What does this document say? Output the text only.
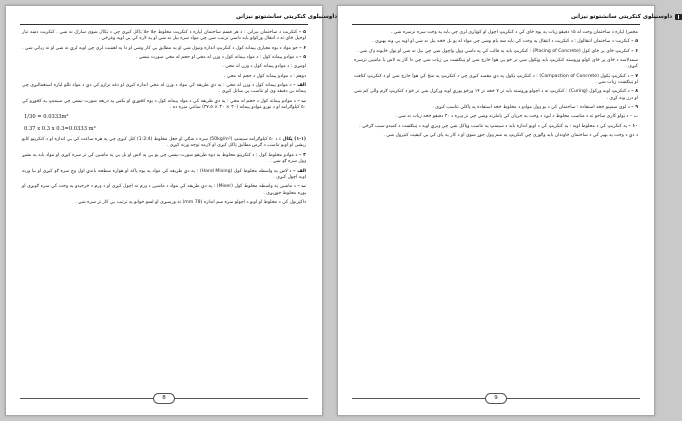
داوسنیلوی کنکریتی سانشتوتو نیزانن

۵ – کنکریت د ساختمان نیزانن : د هر قسم ساختمان لپاره د کنکریت مخلوط جلا جلا ټاکل کیږي چې د ټکال شوي سارک نه شي . کنکریت دښه تیار اوخپل ځای ته د انتقال ورکولو باید داسې ترتیب شي چې مواد سره بیل نه شي او په لاره کې یې اوبه وغرځي .

۶ – خو مواد د یوه معیاري پیمانه کول د کنکریټ اندازه ونیول شي او په مطابق یې کار وشي او دا په اهمیت لري چې اوبه لرې نه شي او نه زیاتې شي .

۵ – د موادو پیمانه کول : د مواد پیمانه کول د وزن له مخې او حجم له مخې صورت نیسي .

لومړی : د موادو پیمانه کول د وزن له مخې .

دوهم : د موادو پیمانه کول د حجم له مخې .

الف – د موادو پیمانه کول د وزن له مخې : په دې طریقه کې مواد د وزن له مخې اندازه کیږي او دغه ترازو کې دې د مواد تللو لپاره استعمالیږي چې پیمانه یې دقیقه وي او تناسب یې ساتل کیږي .

ب – د موادو پیمانه کول د حجم له مخې : په دې طریقه کې د مواد پیمانه کول د یوه کڅوړې او بکس په ذریعه صورت نیسي چې سیمنټ په کڅوړو کې ۵۰ کیلوګرامه او د نورو موادو پیمانه (۳۰ × ۳۰ × ۳۷.۵) سانتي متره ده .

1/30 = 0.0333m³
0.37 x 0.3 x 0.3=0.0333 m³

(۱-۱) ټکال : د ۵۰ کیلوګرامه سیمنټ (50kg/m³) سره د شګې او جغل مخلوط (1:2:4) کتل کیږي چې په هره ساعت کې یې اندازه او د کنکریټو کاڼو ریشی او اوبو تناسب د ګرمۍ مطابق ټاکل کیږي او لازمه توجه ورته کیږي .

۳ – د موادو مخلوط کول : د کنکریټو مخلوط په دوه طریقو صورت نیسي چې یو یې په لاس او بل یې په ماشین کې تر سره کیږي او مواد باید په بشپړ ډول سره ګډ شي .

الف – د لاس په واسطه مخلوط کول (Hand Mixing) : په دې طریقه کې مواد په یوه پاکه او هواره سطحه باندې اول وچ سره ګډ کیږي او بیا ورته اوبه اچول کیږي .

ب – د ماشین په واسطه مخلوط کول (Mixer) : په دې طریقه کې مواد د ماشین د ډرم ته اچول کیږي او د ډرم د څرخیدو په وخت کې سره ګډیږي او پوره مخلوط جوړیږي .

داکټرنول کې د مخلوط او اوبو د اچولو سره سم اندازه (78 mm) ته ورسیږي او لسو خوانو په ترتیب یې کار تر سره شي .

8
داوسنیلوی کنکریتی سانشتوتو نیزانن

مخمر) لپاره د ساختمان وخت له ۱۵ دقیقو زیات په یوه ځای کې د کنکریټ اچول او کوټاږي لري چې باید په وخت سره ترسره شي .

۵ – کنکریت د ساختمان انتقالول : د کنکریت د انتقال په وخت کې باید ښه پام وشي چې مواد له یو بل څخه بیل نه شي او اوبه یې ونه بهیږي .

۶ – کنکریټ ځای پر ځای کول (Placing of Concrete) : کنکریټ باید په قالب کې په داسې ډول واچول شي چې بیل نه شي او ټول ځایونه ډک شي .

سمدلاسه د ځای پر ځای کولو وروسته کنکریټ باید وټکول شي تر څو یې هوا خارج شي او ټینګښت یې زیات شي چې دا کار په لاس یا ماشین ترسره کیږي .

۷ – د کنکریټ ټکول (Compaction of Concrete) : د کنکریټ ټکول په دې مقصد کیږي چې د کنکریټ په منځ کې هوا خارج شي او د کنکریټ کثافت او ټینګښت زیات شي .

۸ – د کنکریټ اوبه ورکول (Curing) : کنکریټ ته د اچولو وروسته باید تر ۷ څخه تر ۱۴ ورځو پورې اوبه ورکړل شي تر څو د کنکریټ ګرم والی کم شي او درز ونه کړي .

۹ – د لوی سمېټو څخه استفاده : ساختمان کې د یو ډول موادو د مخلوط څخه استفاده په ټاکلي تناسب کیږي .

ب – د ټولو کاري ساحو ته د مناسب مخلوط د لیږد د وخت په جریان کې پاملرنه وشي چې تر ډیره د ۳۰ دقیقو څخه زیات نه شي .

۱۰ – په کنکریټ کې د مخلوط اوبه : په کنکریټ کې د اوبو اندازه باید د سیمنټ په تناسب وټاکل شي چې ډیرې اوبه د ټینګښت د کمیدو سبب ګرځي .

د دې د وخت په بهیر کې د ساختمان خاوندان باید وګوري چې کنکریټ په سم ډول جوړ شوی او د کار په پای کې یې کیفیت کنټرول شي .

9
